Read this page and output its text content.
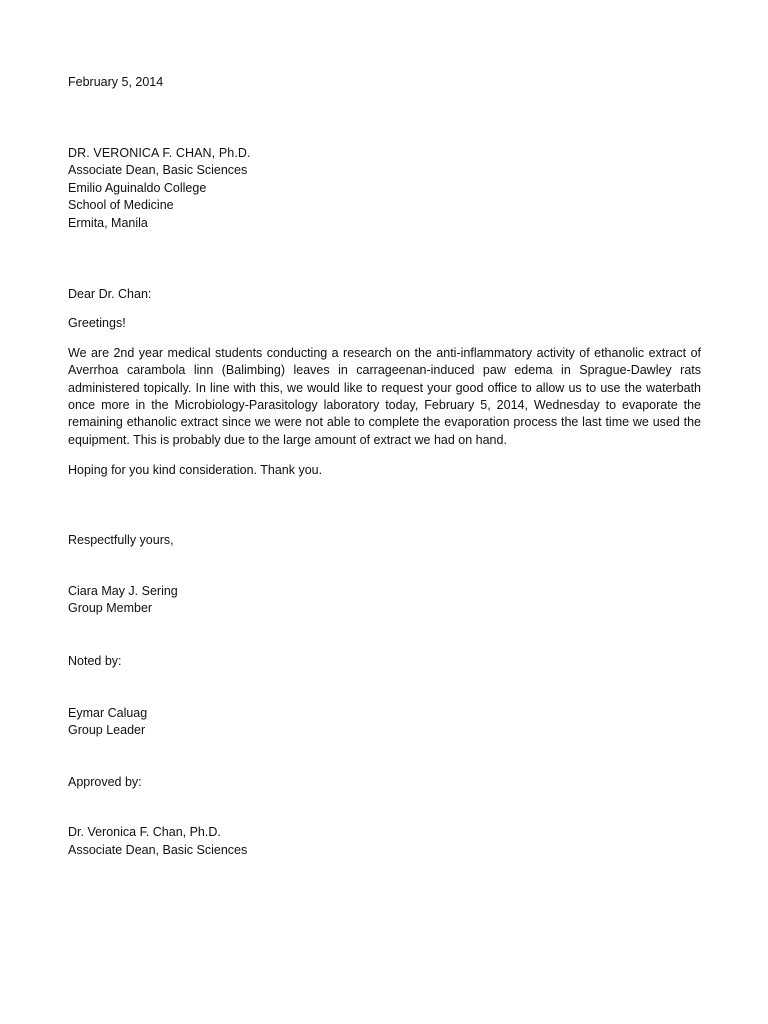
February 5, 2014
DR. VERONICA F. CHAN, Ph.D.
Associate Dean, Basic Sciences
Emilio Aguinaldo College
School of Medicine
Ermita, Manila
Dear Dr. Chan:
Greetings!

We are 2nd year medical students conducting a research on the anti-inflammatory activity of ethanolic extract of Averrhoa carambola linn (Balimbing) leaves in carrageenan-induced paw edema in Sprague-Dawley rats administered topically. In line with this, we would like to request your good office to allow us to use the waterbath once more in the Microbiology-Parasitology laboratory today, February 5, 2014, Wednesday to evaporate the remaining ethanolic extract since we were not able to complete the evaporation process the last time we used the equipment. This is probably due to the large amount of extract we had on hand.

Hoping for you kind consideration. Thank you.
Respectfully yours,
Ciara May J. Sering
Group Member
Noted by:
Eymar Caluag
Group Leader
Approved by:
Dr. Veronica F. Chan, Ph.D.
Associate Dean, Basic Sciences
